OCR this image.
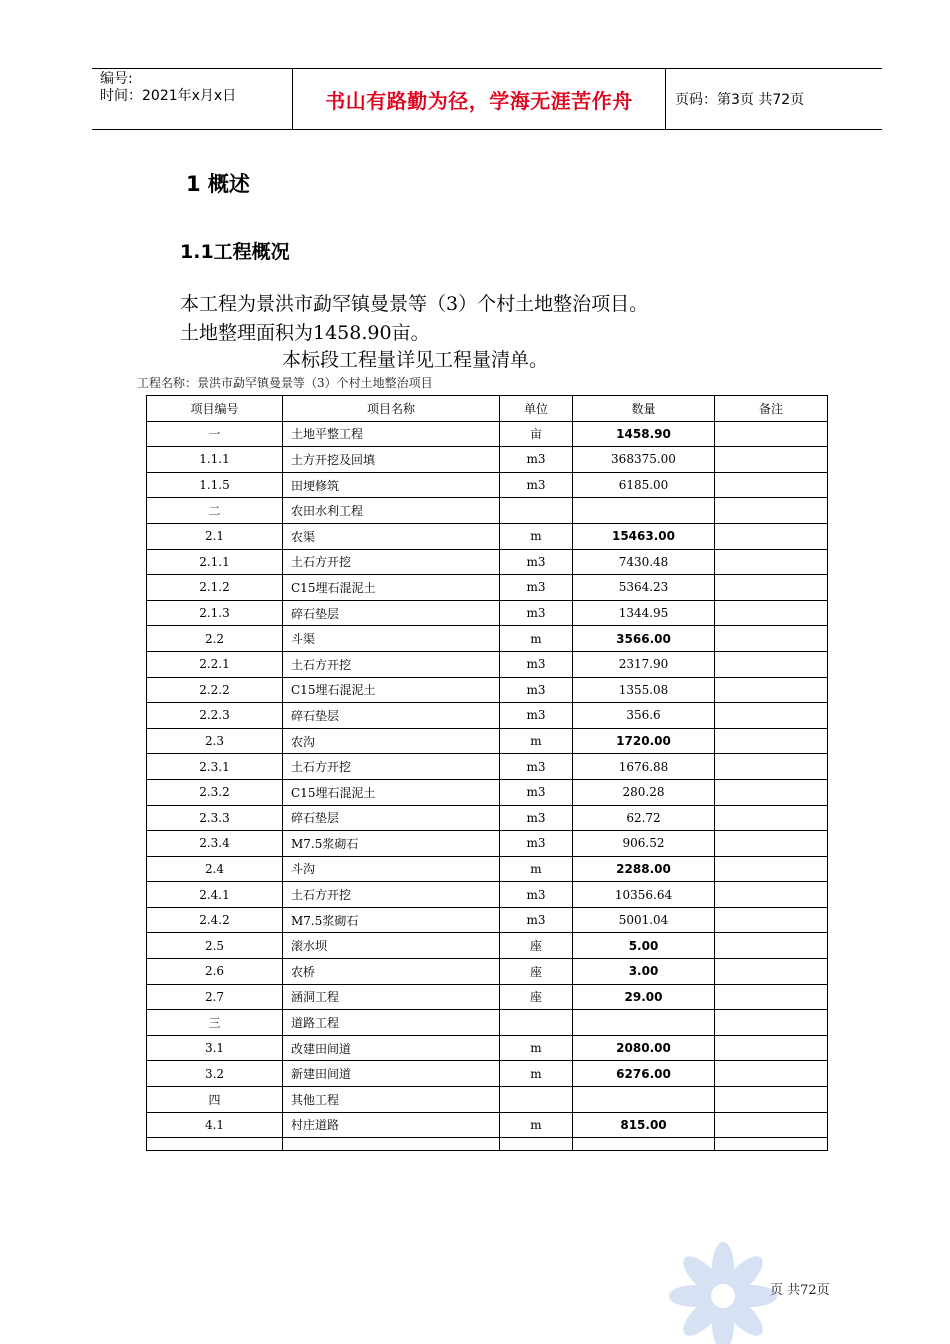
编号:
时间：2021年x月x日	书山有路勤为径，学海无涯苦作舟	页码：第3页 共72页
1 概述
1.1工程概况
本工程为景洪市勐罕镇曼景等（3）个村土地整治项目。
土地整理面积为1458.90亩。
本标段工程量详见工程量清单。
工程名称：景洪市勐罕镇曼景等（3）个村土地整治项目
项目编号	项目名称	单位	数量	备注
一	土地平整工程	亩	1458.90	
1.1.1	土方开挖及回填	m3	368375.00	
1.1.5	田埂修筑	m3	6185.00	
二	农田水利工程			
2.1	农渠	m	15463.00	
2.1.1	土石方开挖	m3	7430.48	
2.1.2	C15埋石混泥土	m3	5364.23	
2.1.3	碎石垫层	m3	1344.95	
2.2	斗渠	m	3566.00	
2.2.1	土石方开挖	m3	2317.90	
2.2.2	C15埋石混泥土	m3	1355.08	
2.2.3	碎石垫层	m3	356.6	
2.3	农沟	m	1720.00	
2.3.1	土石方开挖	m3	1676.88	
2.3.2	C15埋石混泥土	m3	280.28	
2.3.3	碎石垫层	m3	62.72	
2.3.4	M7.5浆砌石	m3	906.52	
2.4	斗沟	m	2288.00	
2.4.1	土石方开挖	m3	10356.64	
2.4.2	M7.5浆砌石	m3	5001.04	
2.5	滚水坝	座	5.00	
2.6	农桥	座	3.00	
2.7	涵洞工程	座	29.00	
三	道路工程			
3.1	改建田间道	m	2080.00	
3.2	新建田间道	m	6276.00	
四	其他工程			
4.1	村庄道路	m	815.00	

页 共72页
